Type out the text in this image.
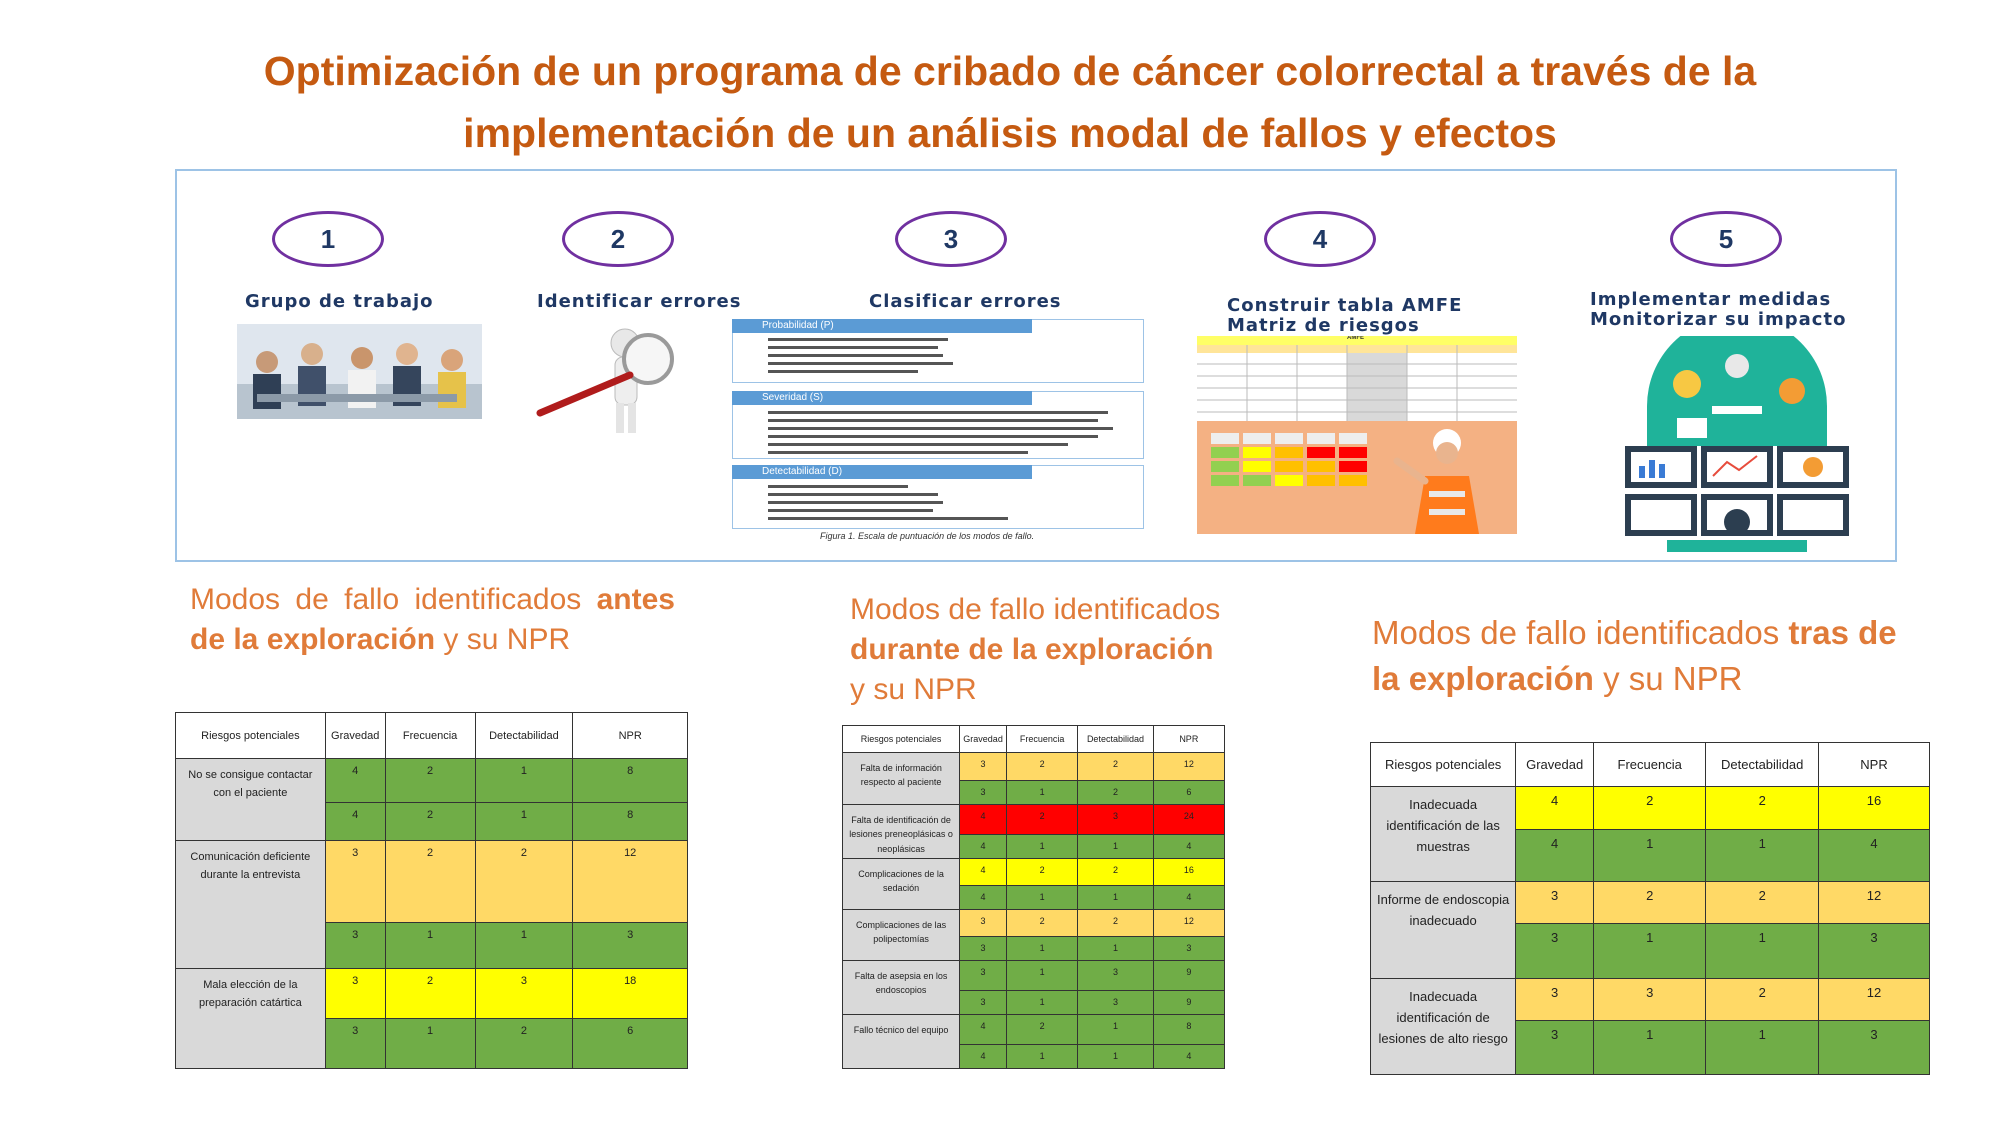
Optimización de un programa de cribado de cáncer colorrectal a través de la implementación de un análisis modal de fallos y efectos
1	2	3	4	5
Grupo de trabajo	Identificar errores	Clasificar errores	Construir tabla AMFE
Matriz de riesgos
Implementar medidas
Monitorizar su impacto
Probabilidad (P)
Severidad (S)
Detectabilidad (D)
Figura 1. Escala de puntuación de los modos de fallo.
AMFE
Modos de fallo identificados antes de la exploración y su NPR
Modos de fallo identificados durante de la exploración y su NPR
Modos de fallo identificados tras de la exploración y su NPR
Riesgos potenciales	Gravedad	Frecuencia	Detectabilidad	NPR

No se consigue contactar con el paciente	4	2	1	8
	4	2	1	8

Comunicación deficiente durante la entrevista	3	2	2	12
	3	1	1	3

Mala elección de la preparación catártica	3	2	3	18
	3	1	2	6
Riesgos potenciales	Gravedad	Frecuencia	Detectabilidad	NPR

Falta de información respecto al paciente	3	2	2	12
	3	1	2	6

Falta de identificación de lesiones preneoplásicas o neoplásicas	4	2	3	24
	4	1	1	4

Complicaciones de la sedación	4	2	2	16
	4	1	1	4

Complicaciones de las polipectomías	3	2	2	12
	3	1	1	3

Falta de asepsia en los endoscopios	3	1	3	9
	3	1	3	9

Fallo técnico del equipo	4	2	1	8
	4	1	1	4
Riesgos potenciales	Gravedad	Frecuencia	Detectabilidad	NPR

Inadecuada identificación de las muestras	4	2	2	16
	4	1	1	4

Informe de endoscopia inadecuado	3	2	2	12
	3	1	1	3

Inadecuada identificación de lesiones de alto riesgo	3	3	2	12
	3	1	1	3
